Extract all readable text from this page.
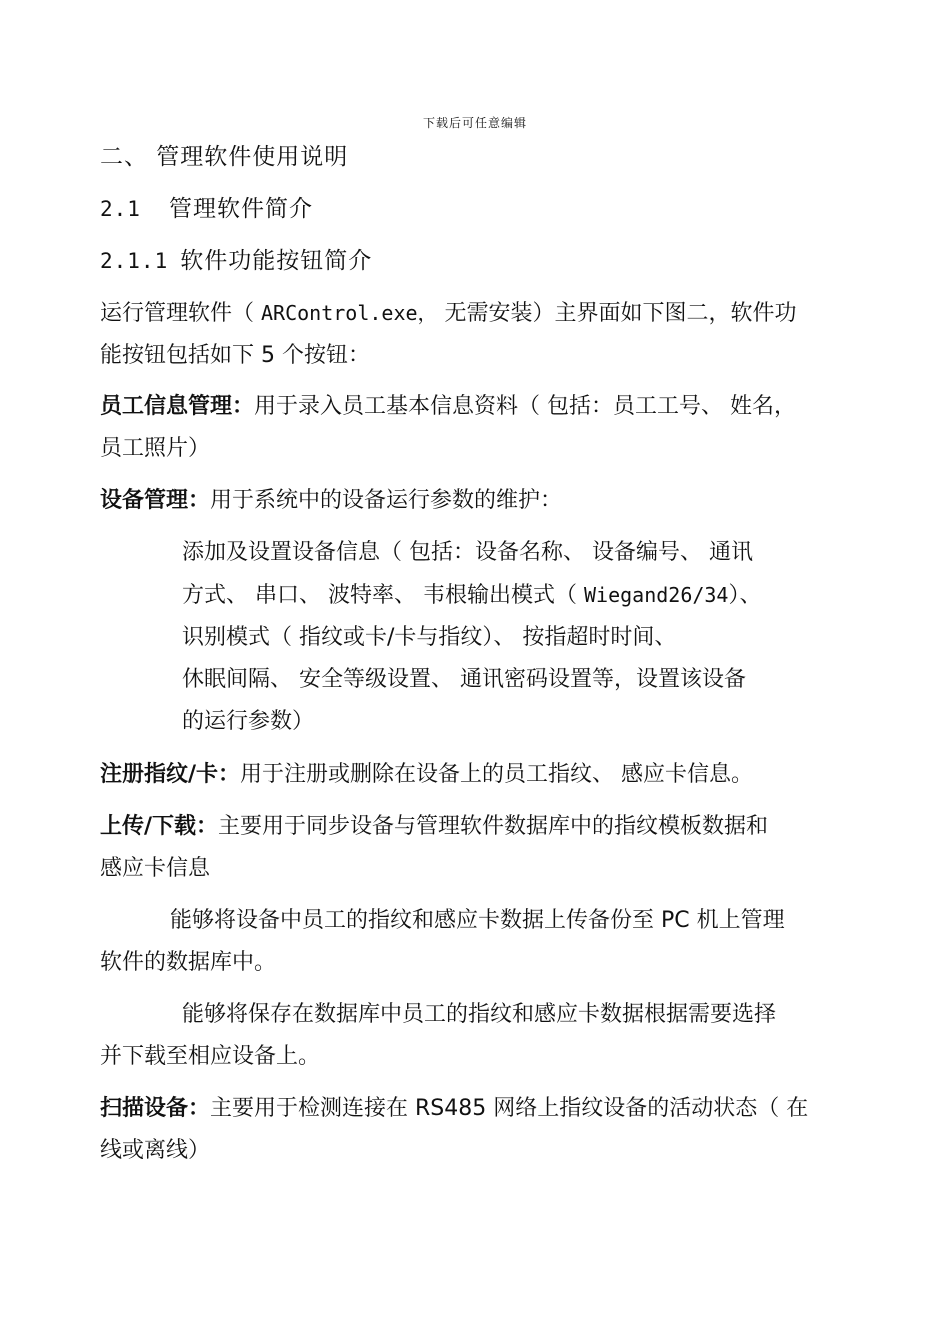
下载后可任意编辑
二、 管理软件使用说明
2.1 管理软件简介
2.1.1 软件功能按钮简介
运行管理软件（ ARControl.exe， 无需安装）主界面如下图二，软件功
能按钮包括如下 5 个按钮：
员工信息管理：用于录入员工基本信息资料（ 包括：员工工号、 姓名，
员工照片）
设备管理：用于系统中的设备运行参数的维护：
添加及设置设备信息（ 包括：设备名称、 设备编号、 通讯
方式、 串口、 波特率、 韦根输出模式（ Wiegand26/34）、
识别模式（ 指纹或卡/卡与指纹）、 按指超时时间、
休眠间隔、 安全等级设置、 通讯密码设置等，设置该设备
的运行参数）
注册指纹/卡：用于注册或删除在设备上的员工指纹、 感应卡信息。
上传/下载：主要用于同步设备与管理软件数据库中的指纹模板数据和
感应卡信息
能够将设备中员工的指纹和感应卡数据上传备份至 PC 机上管理
软件的数据库中。
能够将保存在数据库中员工的指纹和感应卡数据根据需要选择
并下载至相应设备上。
扫描设备：主要用于检测连接在 RS485 网络上指纹设备的活动状态（ 在
线或离线）
